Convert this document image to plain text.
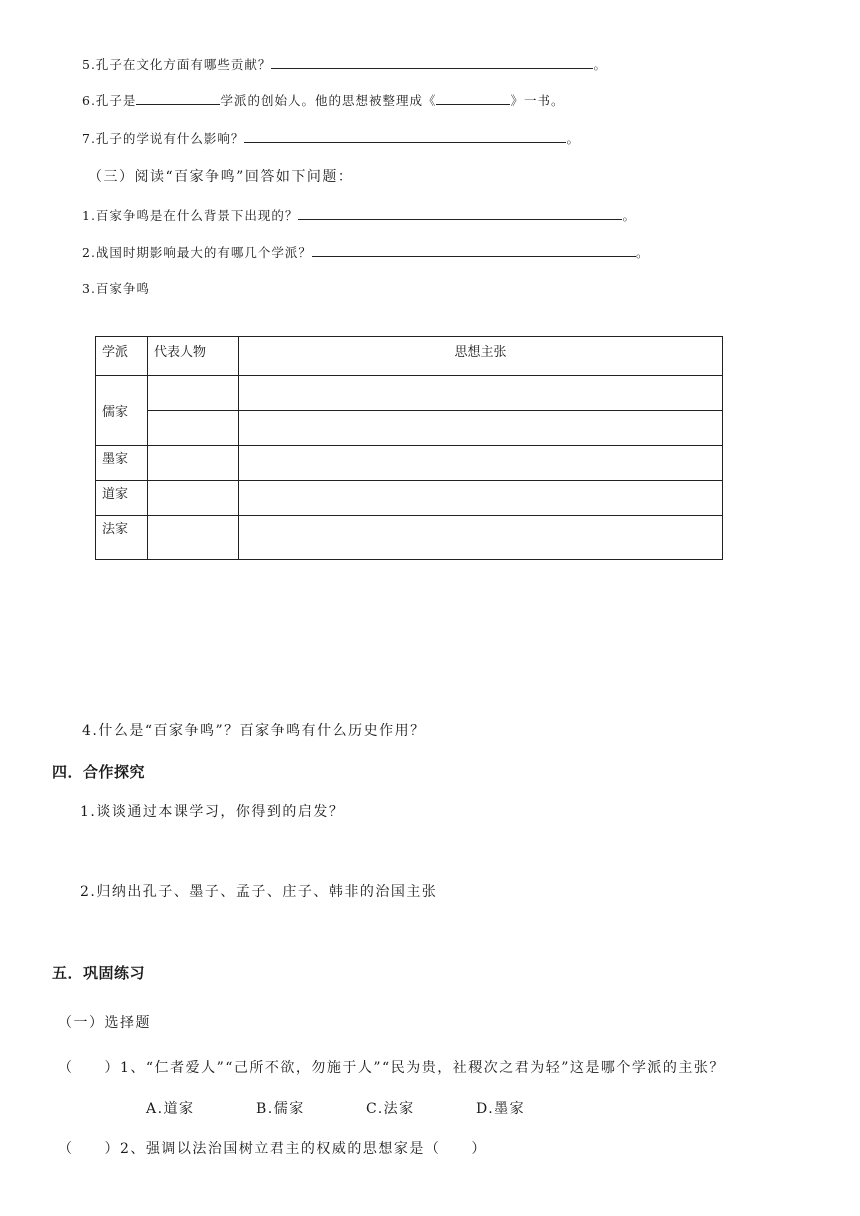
5.孔子在文化方面有哪些贡献？	。
6.孔子是	学派的创始人。他的思想被整理成《	》一书。
7.孔子的学说有什么影响？	。
（三）阅读“百家争鸣”回答如下问题：
1.百家争鸣是在什么背景下出现的？	。
2.战国时期影响最大的有哪几个学派？	。
3.百家争鸣
学派	代表人物	思想主张
儒家		

墨家		
道家		
法家		
4.什么是“百家争鸣”？百家争鸣有什么历史作用？
四．合作探究
1.谈谈通过本课学习，你得到的启发？
2.归纳出孔子、墨子、孟子、庄子、韩非的治国主张
五．巩固练习
（一）选择题
（　　）1、“仁者爱人”“己所不欲，勿施于人”“民为贵，社稷次之君为轻”这是哪个学派的主张？
A.道家	B.儒家	C.法家	D.墨家
（　　）2、强调以法治国树立君主的权威的思想家是（　　）
